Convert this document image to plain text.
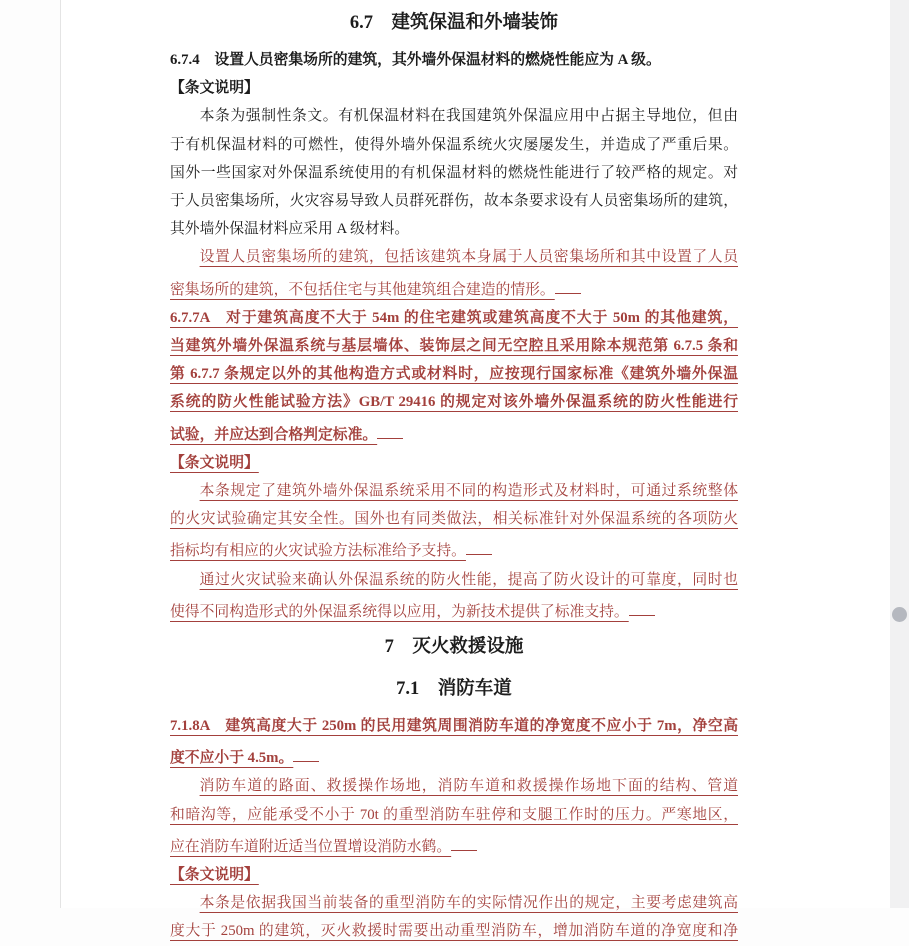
6.7　建筑保温和外墙装饰
6.7.4　设置人员密集场所的建筑，其外墙外保温材料的燃烧性能应为 A 级。
【条文说明】
本条为强制性条文。有机保温材料在我国建筑外保温应用中占据主导地位，但由
于有机保温材料的可燃性，使得外墙外保温系统火灾屡屡发生，并造成了严重后果。
国外一些国家对外保温系统使用的有机保温材料的燃烧性能进行了较严格的规定。对
于人员密集场所，火灾容易导致人员群死群伤，故本条要求设有人员密集场所的建筑，
其外墙外保温材料应采用 A 级材料。
设置人员密集场所的建筑，包括该建筑本身属于人员密集场所和其中设置了人员
密集场所的建筑，不包括住宅与其他建筑组合建造的情形。
6.7.7A　对于建筑高度不大于 54m 的住宅建筑或建筑高度不大于 50m 的其他建筑，
当建筑外墙外保温系统与基层墙体、装饰层之间无空腔且采用除本规范第 6.7.5 条和
第 6.7.7 条规定以外的其他构造方式或材料时，应按现行国家标准《建筑外墙外保温
系统的防火性能试验方法》GB/T 29416 的规定对该外墙外保温系统的防火性能进行
试验，并应达到合格判定标准。
【条文说明】
本条规定了建筑外墙外保温系统采用不同的构造形式及材料时，可通过系统整体
的火灾试验确定其安全性。国外也有同类做法，相关标准针对外保温系统的各项防火
指标均有相应的火灾试验方法标准给予支持。
通过火灾试验来确认外保温系统的防火性能，提高了防火设计的可靠度，同时也
使得不同构造形式的外保温系统得以应用，为新技术提供了标准支持。
7　灭火救援设施
7.1　消防车道
7.1.8A　建筑高度大于 250m 的民用建筑周围消防车道的净宽度不应小于 7m，净空高
度不应小于 4.5m。
消防车道的路面、救援操作场地，消防车道和救援操作场地下面的结构、管道
和暗沟等，应能承受不小于 70t 的重型消防车驻停和支腿工作时的压力。严寒地区，
应在消防车道附近适当位置增设消防水鹤。
【条文说明】
本条是依据我国当前装备的重型消防车的实际情况作出的规定，主要考虑建筑高
度大于 250m 的建筑，灭火救援时需要出动重型消防车，增加消防车道的净宽度和净
